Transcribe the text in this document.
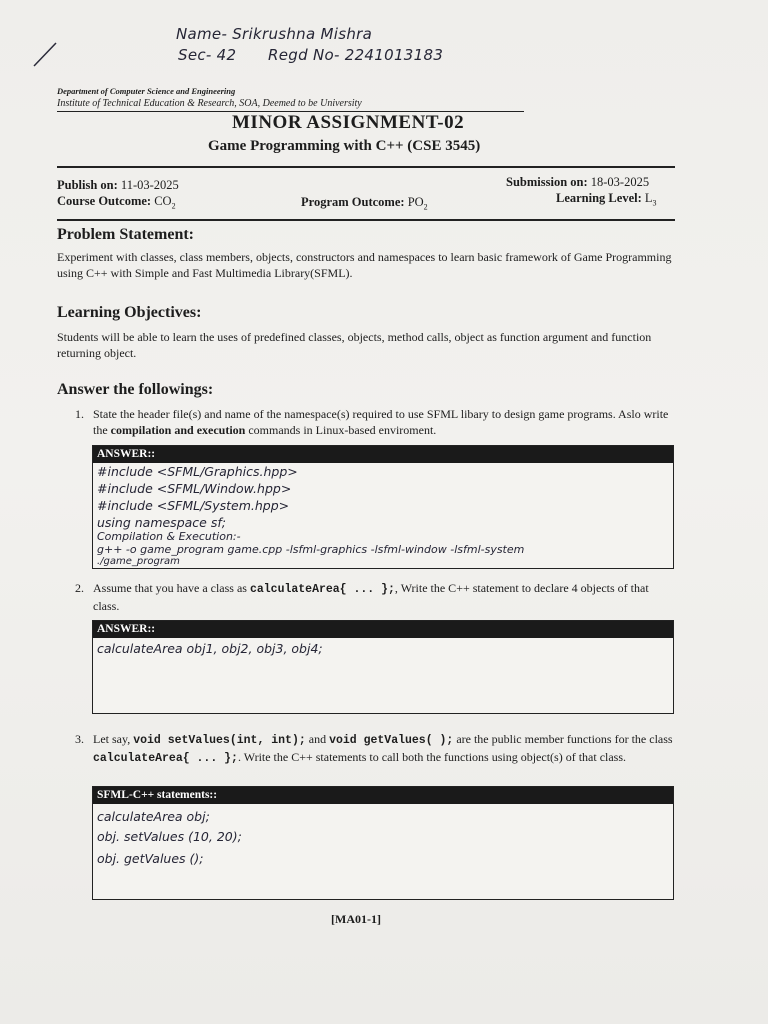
Name- Srikrushna Mishra
Sec- 42 Regd No- 2241013183
Department of Computer Science and Engineering
Institute of Technical Education & Research, SOA, Deemed to be University
MINOR ASSIGNMENT-02
Game Programming with C++ (CSE 3545)
Publish on: 11-03-2025	Submission on: 18-03-2025
Course Outcome: $CO_2$	Program Outcome: $PO_2$
Learning Level: $L_3$
Problem Statement:
Experiment with classes, class members, objects, constructors and namespaces to learn basic framework of Game Programming using C++ with Simple and Fast Multimedia Library(SFML).
Learning Objectives:
Students will be able to learn the uses of predefined classes, objects, method calls, object as function argument and function returning object.
Answer the followings:
1. State the header file(s) and name of the namespace(s) required to use SFML libary to design game programs. Aslo write the compilation and execution commands in Linux-based enviroment.
ANSWER::
#include <SFML/Graphics.hpp>
#include <SFML/Window.hpp>
#include <SFML/System.hpp>
using namespace sf;
Compilation & Execution:-
g++ -o game_program game.cpp -lsfml-graphics -lsfml-window -lsfml-system
./game_program
2. Assume that you have a class as calculateArea{ ... };, Write the C++ statement to declare 4 objects of that class.
ANSWER::
calculateArea obj1, obj2, obj3, obj4;
3. Let say, void setValues(int, int); and void getValues( ); are the public member functions for the class calculateArea{ ... };. Write the C++ statements to call both the functions using object(s) of that class.
SFML-C++ statements::
calculateArea obj;
obj. setValues (10, 20);
obj. getValues ();
[MA01-1]
